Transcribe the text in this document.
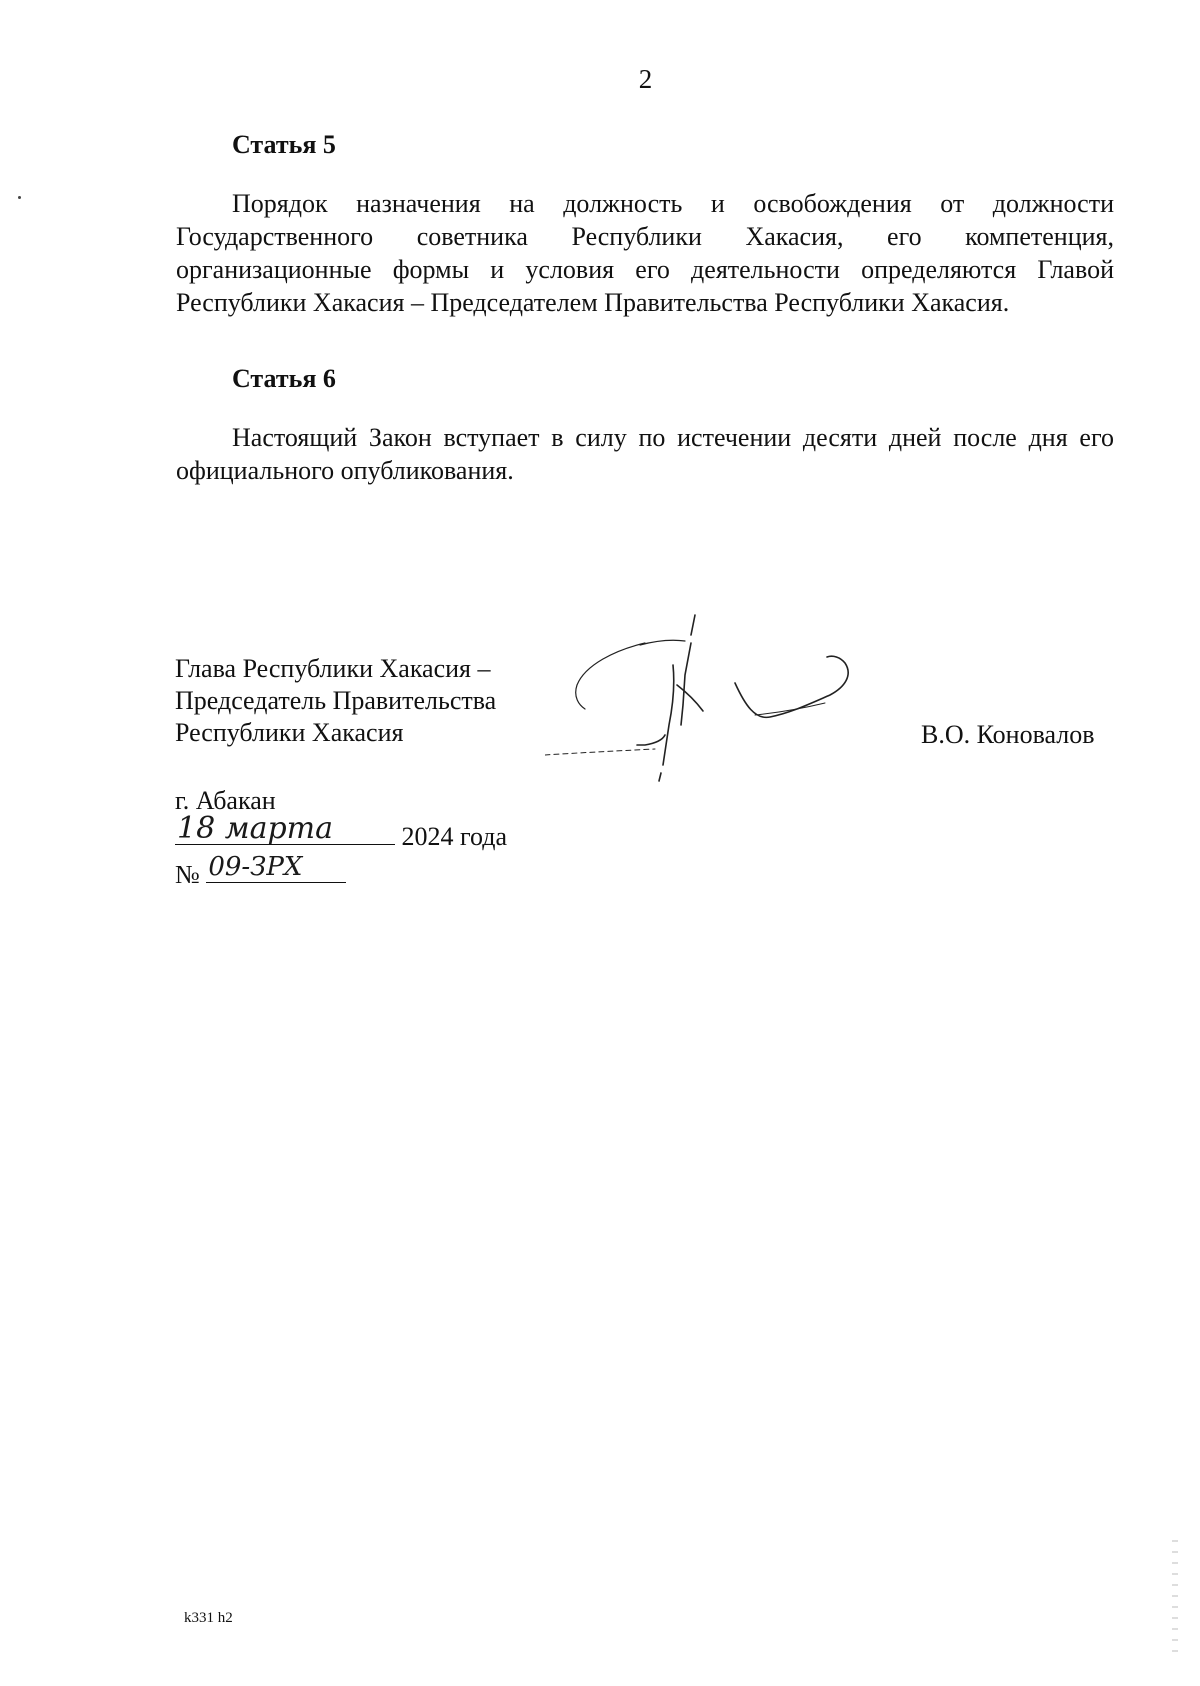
2
Статья 5
Порядок назначения на должность и освобождения от должности Государственного советника Республики Хакасия, его компетенция, организационные формы и условия его деятельности определяются Главой Республики Хакасия – Председателем Правительства Республики Хакасия.
Статья 6
Настоящий Закон вступает в силу по истечении десяти дней после дня его официального опубликования.
Глава Республики Хакасия –
Председатель Правительства
Республики Хакасия	В.О. Коновалов
г. Абакан
18 марта	2024 года
№ 09-ЗРХ
k331 h2
